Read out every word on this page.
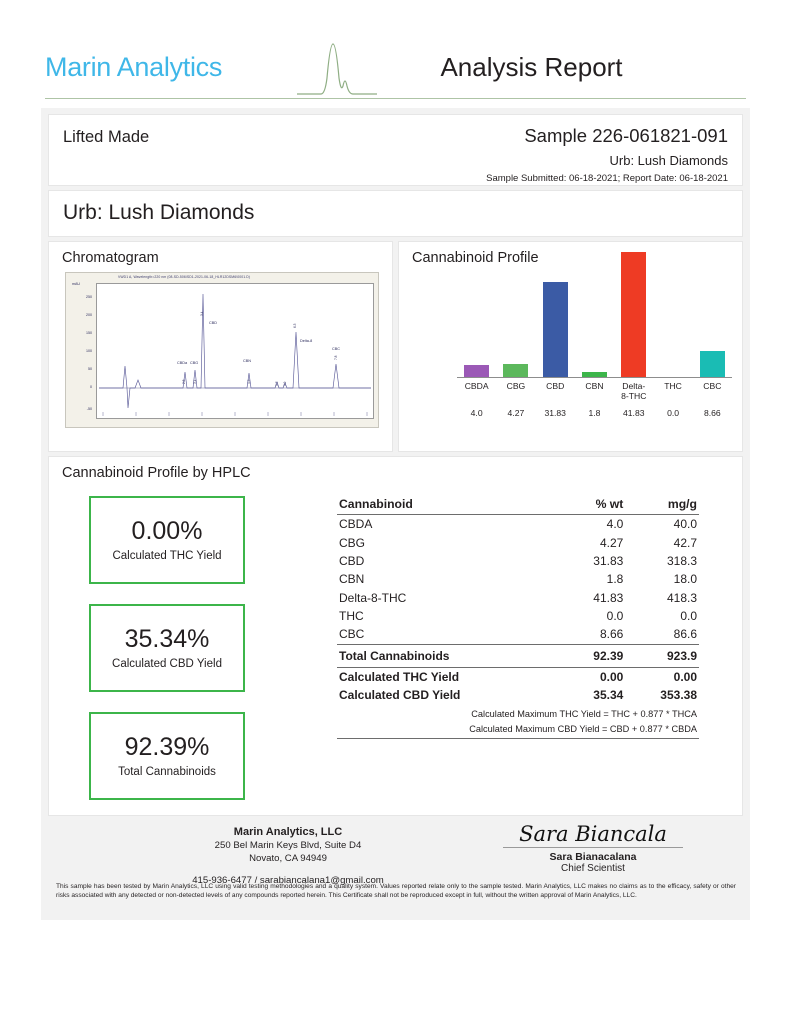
Marin Analytics	Analysis Report
Lifted Made	Sample 226-061821-091
Urb: Lush Diamonds
Sample Submitted: 06-18-2021; Report Date: 06-18-2021
Urb: Lush Diamonds
Chromatogram
VWD1 A, Wavelength=220 nm (08-SD-506\SD1-2021-06-18_HLR12DSM6\0001.D)
mAU
250
200
150
100
50
0
-50
CBDa CBG
CBD
CBN
Delta-8
CBC
2.8 3.1
3.4
4.9	5.7 5.9
6.3
7.8
Cannabinoid Profile
CBDA	CBG	CBD	CBN	Delta-
8-THC
THC	CBC
4.0	4.27	31.83	1.8	41.83	0.0	8.66
Cannabinoid Profile by HPLC
0.00%
Calculated THC Yield
35.34%
Calculated CBD Yield
92.39%
Total Cannabinoids
Cannabinoid	% wt	mg/g
CBDA	4.0	40.0
CBG	4.27	42.7
CBD	31.83	318.3
CBN	1.8	18.0
Delta-8-THC	41.83	418.3
THC	0.0	0.0
CBC	8.66	86.6
Total Cannabinoids	92.39	923.9
Calculated THC Yield	0.00	0.00
Calculated CBD Yield	35.34	353.38
Calculated Maximum THC Yield = THC + 0.877 * THCA		
Calculated Maximum CBD Yield = CBD + 0.877 * CBDA		
Marin Analytics, LLC
250 Bel Marin Keys Blvd, Suite D4
Novato, CA 94949
415-936-6477 / sarabiancalana1@gmail.com
Sara Biancala
Sara Bianacalana
Chief Scientist
This sample has been tested by Marin Analytics, LLC using valid testing methodologies and a quality system. Values reported relate only to the sample tested. Marin Analytics, LLC makes no claims as to the efficacy, safety or other risks associated with any detected or non-detected levels of any compounds reported herein. This Certificate shall not be reproduced except in full, without the written approval of Marin Analytics, LLC.
